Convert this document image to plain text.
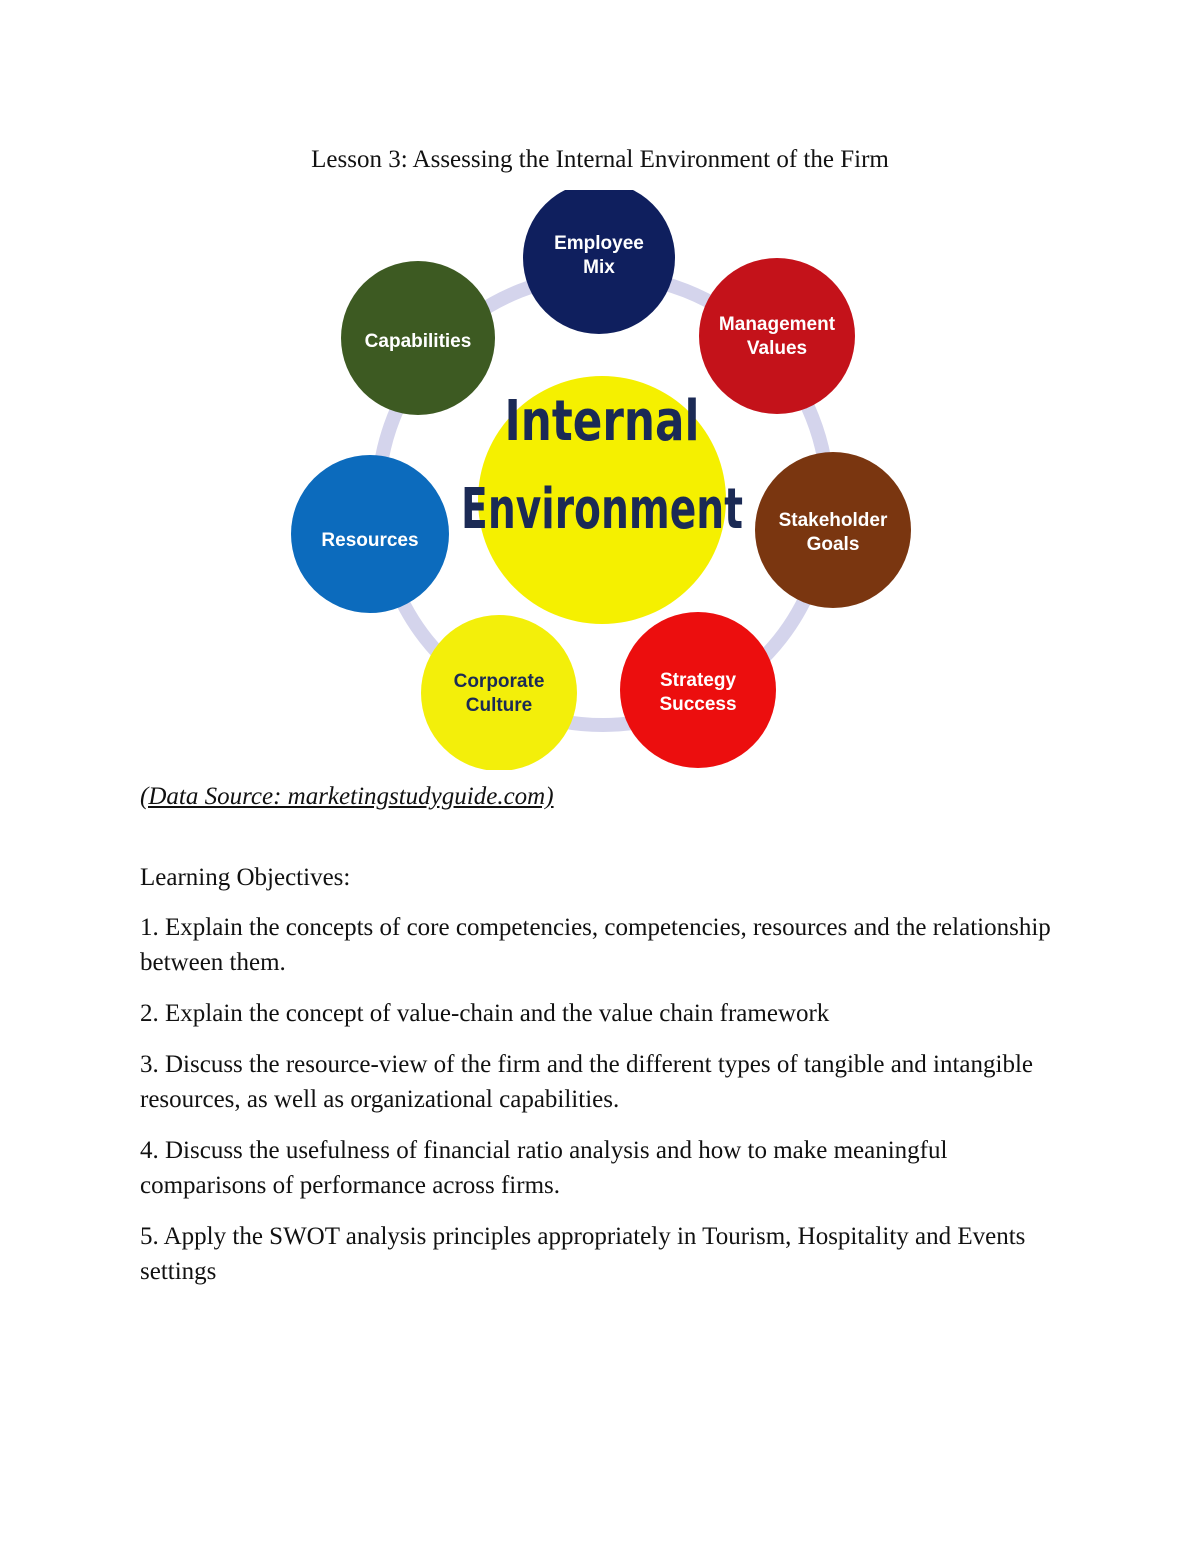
Lesson 3: Assessing the Internal Environment of the Firm
Internal
Environment
Employee
Mix
Management
Values
Stakeholder
Goals
Strategy
Success
Corporate
Culture
Resources
Capabilities
(Data Source: marketingstudyguide.com)

Learning Objectives:

1. Explain the concepts of core competencies, competencies, resources and the relationship between them.

2. Explain the concept of value-chain and the value chain framework

3. Discuss the resource-view of the firm and the different types of tangible and intangible resources, as well as organizational capabilities.

4. Discuss the usefulness of financial ratio analysis and how to make meaningful comparisons of performance across firms.

5. Apply the SWOT analysis principles appropriately in Tourism, Hospitality and Events settings
